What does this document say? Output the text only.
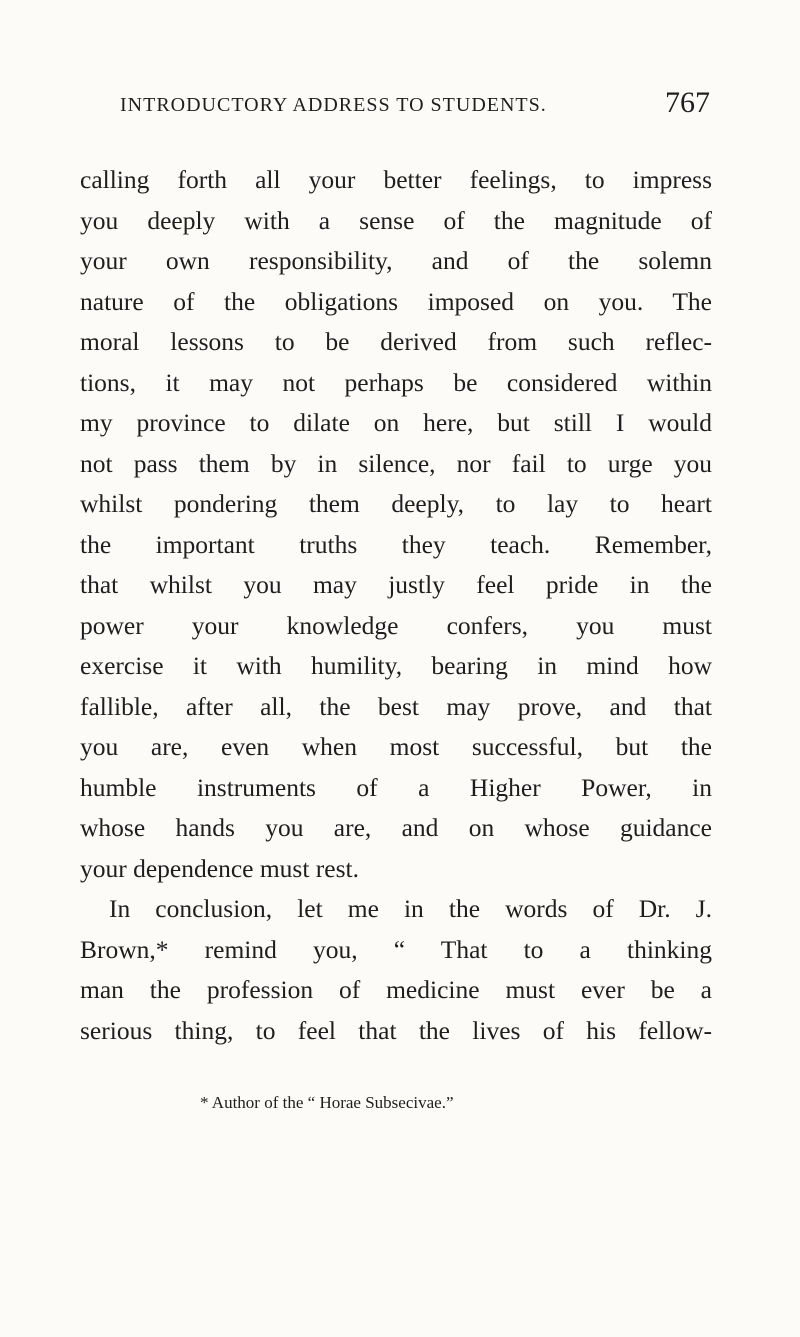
INTRODUCTORY ADDRESS TO STUDENTS.	767
calling forth all your better feelings, to impress
you deeply with a sense of the magnitude of
your own responsibility, and of the solemn
nature of the obligations imposed on you. The
moral lessons to be derived from such reflec-
tions, it may not perhaps be considered within
my province to dilate on here, but still I would
not pass them by in silence, nor fail to urge you
whilst pondering them deeply, to lay to heart
the important truths they teach. Remember,
that whilst you may justly feel pride in the
power your knowledge confers, you must
exercise it with humility, bearing in mind how
fallible, after all, the best may prove, and that
you are, even when most successful, but the
humble instruments of a Higher Power, in
whose hands you are, and on whose guidance
your dependence must rest.
In conclusion, let me in the words of Dr. J.
Brown,* remind you, “ That to a thinking
man the profession of medicine must ever be a
serious thing, to feel that the lives of his fellow-
* Author of the “ Horae Subsecivae.”
